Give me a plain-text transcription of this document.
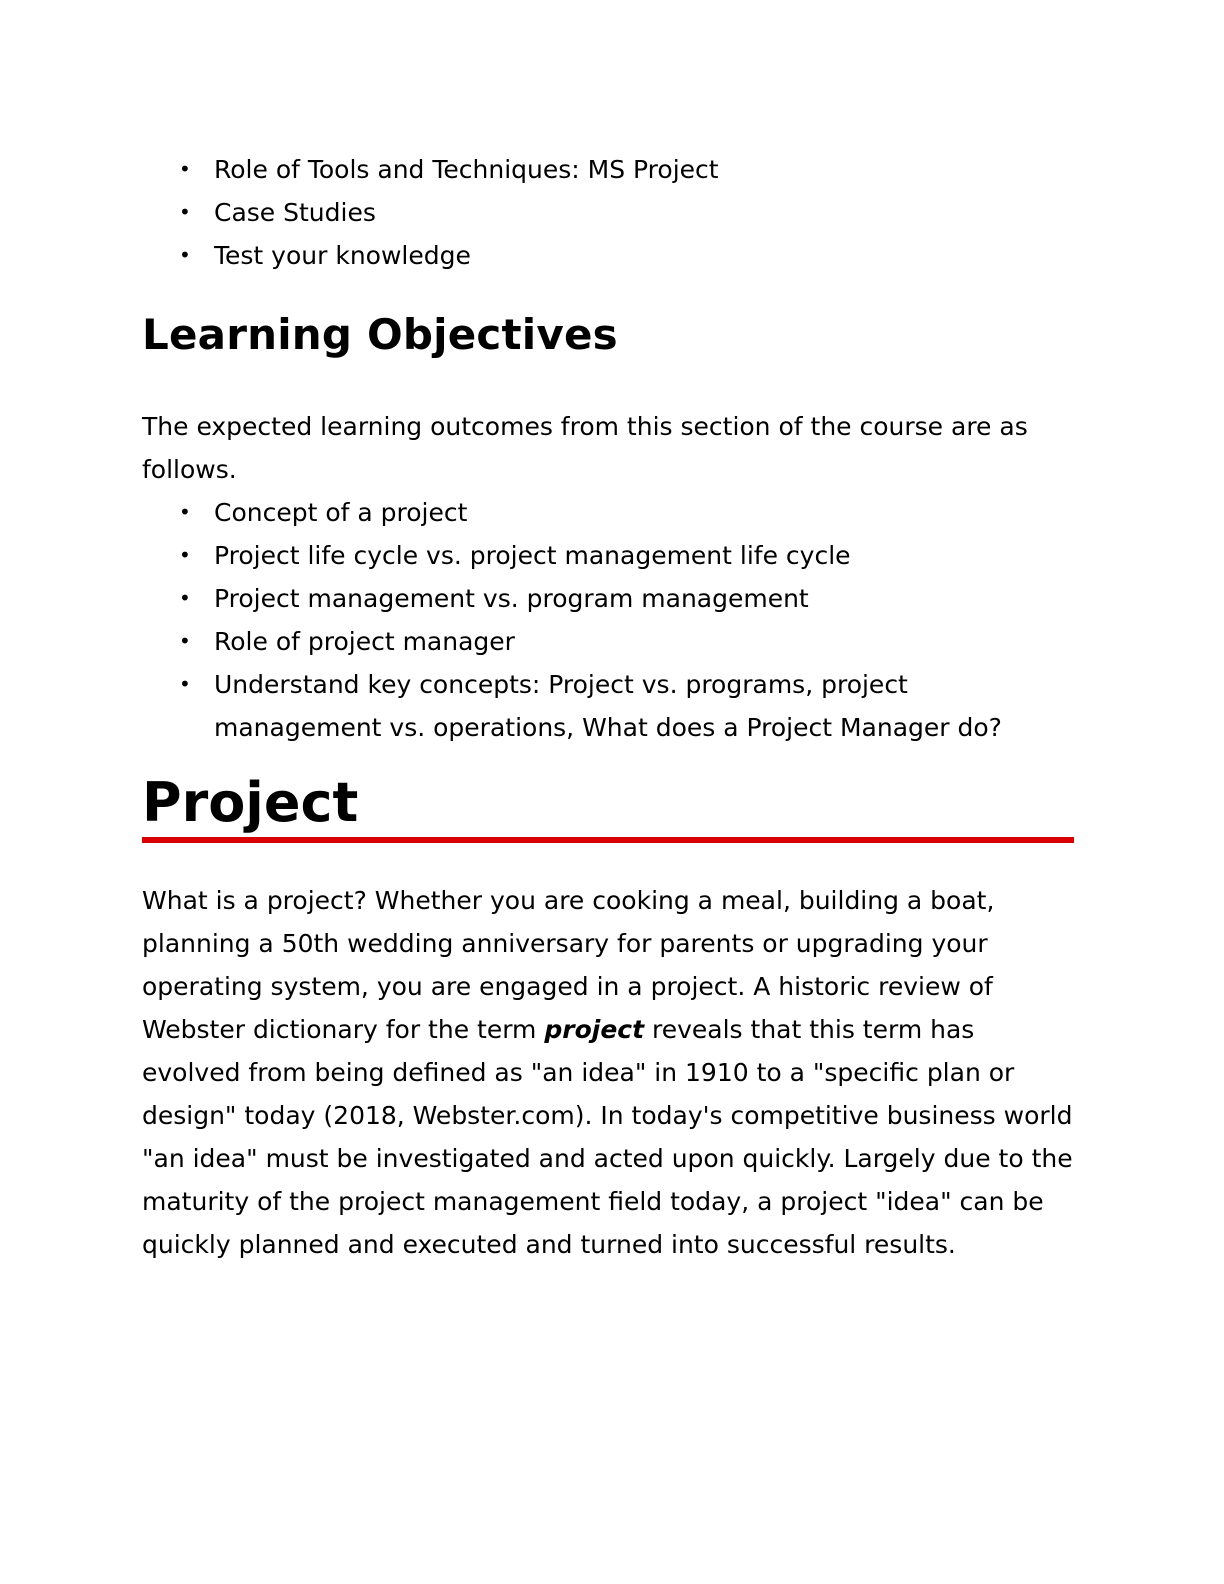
• Role of Tools and Techniques: MS Project
• Case Studies
• Test your knowledge
Learning Objectives

The expected learning outcomes from this section of the course are as follows.

• Concept of a project
• Project life cycle vs. project management life cycle
• Project management vs. program management
• Role of project manager
• Understand key concepts: Project vs. programs, project management vs. operations, What does a Project Manager do?
Project

What is a project? Whether you are cooking a meal, building a boat, planning a 50th wedding anniversary for parents or upgrading your operating system, you are engaged in a project. A historic review of Webster dictionary for the term project reveals that this term has evolved from being defined as "an idea" in 1910 to a "specific plan or design" today (2018, Webster.com). In today's competitive business world "an idea" must be investigated and acted upon quickly. Largely due to the maturity of the project management field today, a project "idea" can be quickly planned and executed and turned into successful results.
